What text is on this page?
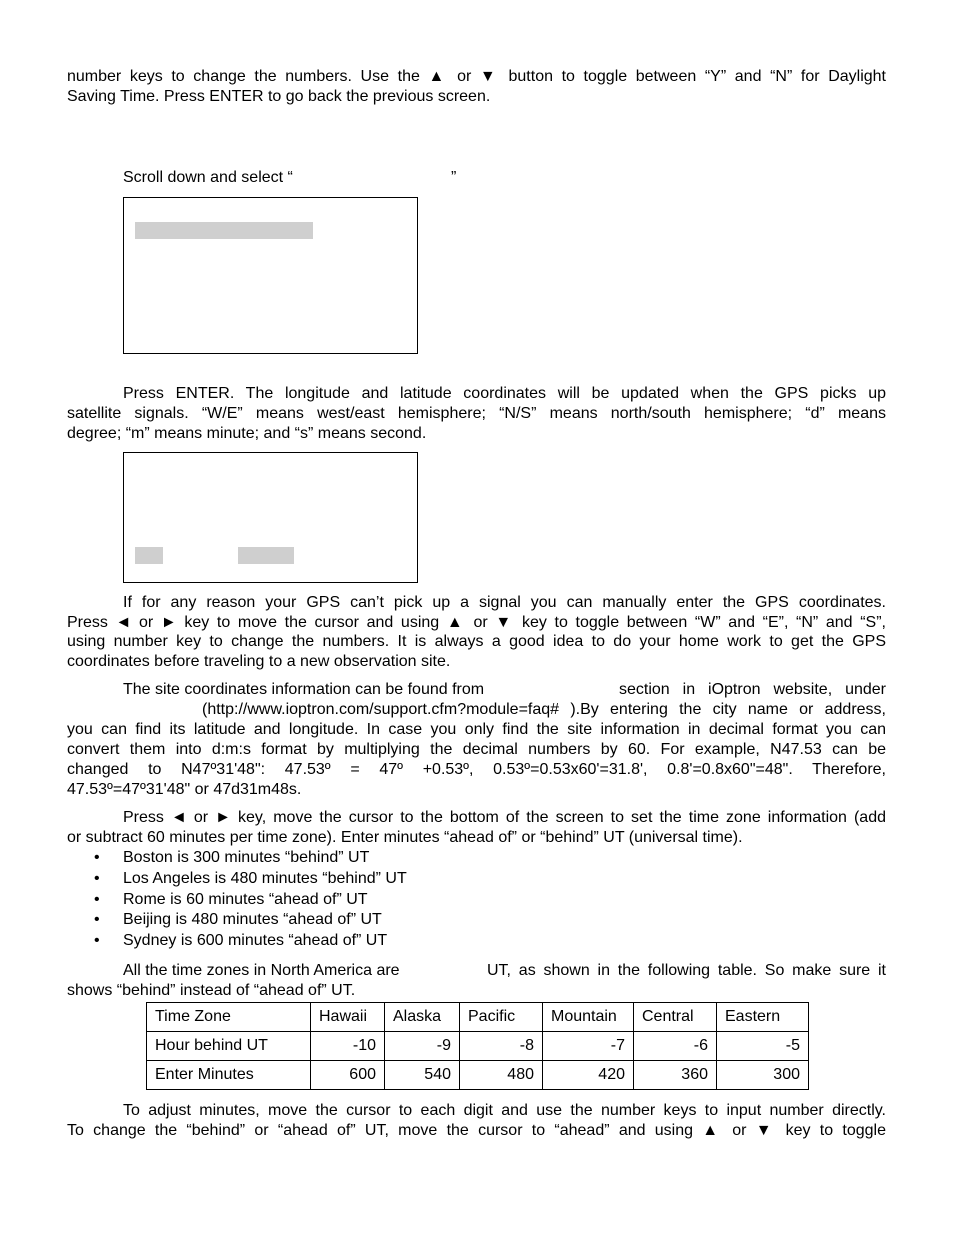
number keys to change the numbers. Use the ▲ or ▼ button to toggle between “Y” and “N” for Daylight
Saving Time. Press ENTER to go back the previous screen.
Scroll down and select “	”
Press ENTER. The longitude and latitude coordinates will be updated when the GPS picks up
satellite signals. “W/E” means west/east hemisphere; “N/S” means north/south hemisphere; “d” means
degree; “m” means minute; and “s” means second.
If for any reason your GPS can’t pick up a signal you can manually enter the GPS coordinates.
Press ◄ or ► key to move the cursor and using ▲ or ▼ key to toggle between “W” and “E”, “N” and “S”,
using number key to change the numbers. It is always a good idea to do your home work to get the GPS
coordinates before traveling to a new observation site.
The site coordinates information can be found from	section in iOptron website, under
(http://www.ioptron.com/support.cfm?module=faq# ).By entering the city name or address,
you can find its latitude and longitude. In case you only find the site information in decimal format you can
convert them into d:m:s format by multiplying the decimal numbers by 60. For example, N47.53 can be
changed to N47º31'48": 47.53º = 47º +0.53º, 0.53º=0.53x60'=31.8', 0.8'=0.8x60"=48". Therefore,
47.53º=47º31'48" or 47d31m48s.
Press ◄ or ► key, move the cursor to the bottom of the screen to set the time zone information (add
or subtract 60 minutes per time zone). Enter minutes “ahead of” or “behind” UT (universal time).
• Boston is 300 minutes “behind” UT
• Los Angeles is 480 minutes “behind” UT
• Rome is 60 minutes “ahead of” UT
• Beijing is 480 minutes “ahead of” UT
• Sydney is 600 minutes “ahead of” UT
All the time zones in North America are	UT, as shown in the following table. So make sure it
shows “behind” instead of “ahead of” UT.
Time Zone	Hawaii	Alaska	Pacific	Mountain	Central	Eastern
Hour behind UT	-10	-9	-8	-7	-6	-5
Enter Minutes	600	540	480	420	360	300
To adjust minutes, move the cursor to each digit and use the number keys to input number directly.
To change the “behind” or “ahead of” UT, move the cursor to “ahead” and using ▲ or ▼ key to toggle
